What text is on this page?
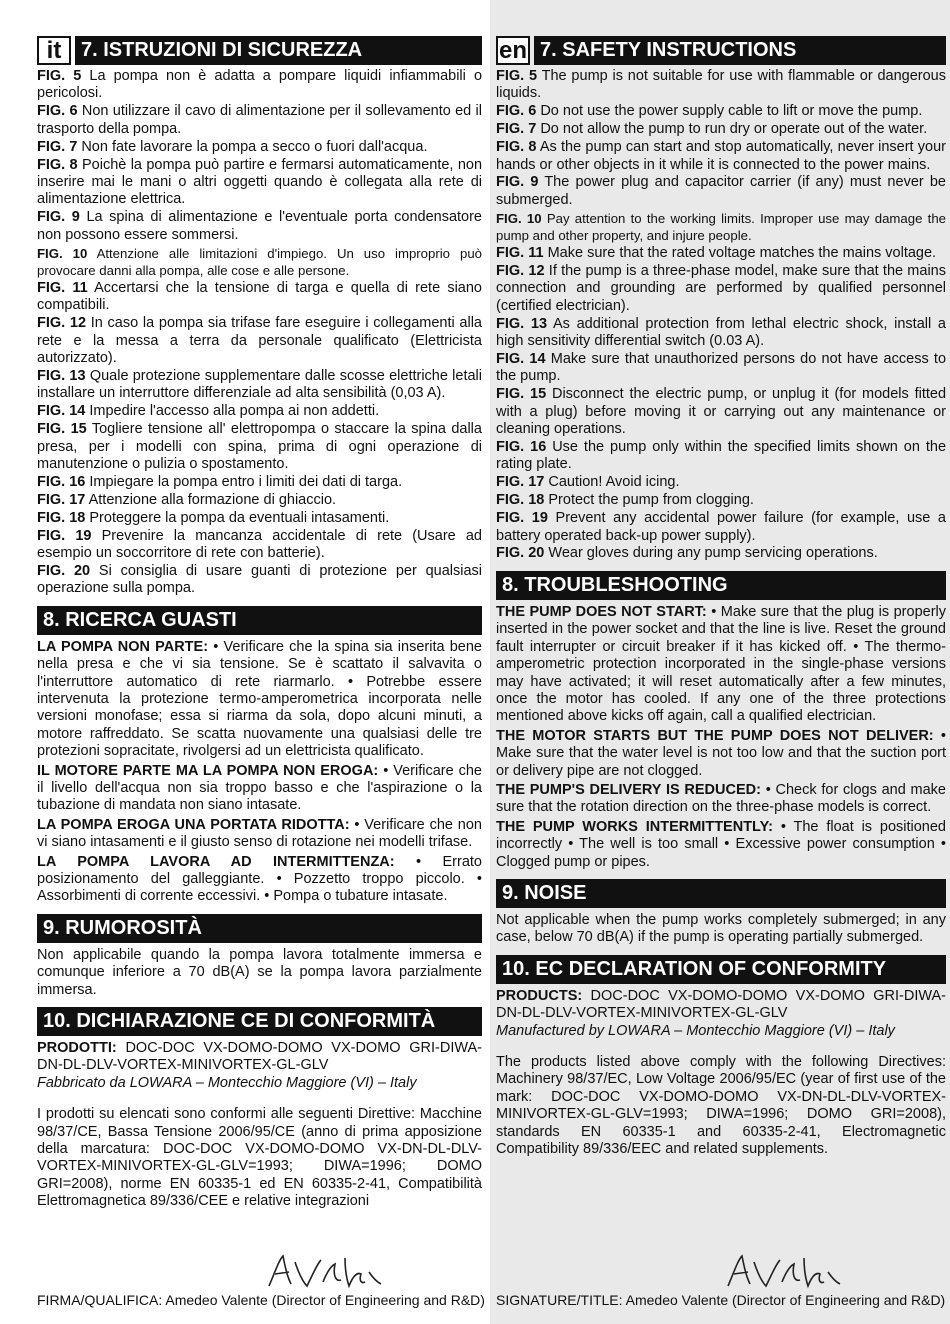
it 7. ISTRUZIONI DI SICUREZZA

FIG. 5 La pompa non è adatta a pompare liquidi infiammabili o pericolosi.

FIG. 6 Non utilizzare il cavo di alimentazione per il sollevamento ed il trasporto della pompa.

FIG. 7 Non fate lavorare la pompa a secco o fuori dall'acqua.

FIG. 8 Poichè la pompa può partire e fermarsi automaticamente, non inserire mai le mani o altri oggetti quando è collegata alla rete di alimentazione elettrica.

FIG. 9 La spina di alimentazione e l'eventuale porta condensatore non possono essere sommersi.

FIG. 10 Attenzione alle limitazioni d'impiego. Un uso improprio può provocare danni alla pompa, alle cose e alle persone.

FIG. 11 Accertarsi che la tensione di targa e quella di rete siano compatibili.

FIG. 12 In caso la pompa sia trifase fare eseguire i collegamenti alla rete e la messa a terra da personale qualificato (Elettricista autorizzato).

FIG. 13 Quale protezione supplementare dalle scosse elettriche letali installare un interruttore differenziale ad alta sensibilità (0,03 A).

FIG. 14 Impedire l'accesso alla pompa ai non addetti.

FIG. 15 Togliere tensione all' elettropompa o staccare la spina dalla presa, per i modelli con spina, prima di ogni operazione di manutenzione o pulizia o spostamento.

FIG. 16 Impiegare la pompa entro i limiti dei dati di targa.

FIG. 17 Attenzione alla formazione di ghiaccio.

FIG. 18 Proteggere la pompa da eventuali intasamenti.

FIG. 19 Prevenire la mancanza accidentale di rete (Usare ad esempio un soccorritore di rete con batterie).

FIG. 20 Si consiglia di usare guanti di protezione per qualsiasi operazione sulla pompa.

8. RICERCA GUASTI

LA POMPA NON PARTE: • Verificare che la spina sia inserita bene nella presa e che vi sia tensione. Se è scattato il salvavita o l'interruttore automatico di rete riarmarlo. • Potrebbe essere intervenuta la protezione termo-amperometrica incorporata nelle versioni monofase; essa si riarma da sola, dopo alcuni minuti, a motore raffreddato. Se scatta nuovamente una qualsiasi delle tre protezioni sopracitate, rivolgersi ad un elettricista qualificato.

IL MOTORE PARTE MA LA POMPA NON EROGA: • Verificare che il livello dell'acqua non sia troppo basso e che l'aspirazione o la tubazione di mandata non siano intasate.

LA POMPA EROGA UNA PORTATA RIDOTTA: • Verificare che non vi siano intasamenti e il giusto senso di rotazione nei modelli trifase.

LA POMPA LAVORA AD INTERMITTENZA: • Errato posizionamento del galleggiante. • Pozzetto troppo piccolo. • Assorbimenti di corrente eccessivi. • Pompa o tubature intasate.

9. RUMOROSITÀ

Non applicabile quando la pompa lavora totalmente immersa e comunque inferiore a 70 dB(A) se la pompa lavora parzialmente immersa.

10. DICHIARAZIONE CE DI CONFORMITÀ

PRODOTTI: DOC-DOC VX-DOMO-DOMO VX-DOMO GRI-DIWA-DN-DL-DLV-VORTEX-MINIVORTEX-GL-GLV
Fabbricato da LOWARA – Montecchio Maggiore (VI) – Italy

I prodotti su elencati sono conformi alle seguenti Direttive: Macchine 98/37/CE, Bassa Tensione 2006/95/CE (anno di prima apposizione della marcatura: DOC-DOC VX-DOMO-DOMO VX-DN-DL-DLV-VORTEX-MINIVORTEX-GL-GLV=1993; DIWA=1996; DOMO GRI=2008), norme EN 60335-1 ed EN 60335-2-41, Compatibilità Elettromagnetica 89/336/CEE e relative integrazioni

FIRMA/QUALIFICA: Amedeo Valente (Director of Engineering and R&D)
en 7. SAFETY INSTRUCTIONS

FIG. 5 The pump is not suitable for use with flammable or dangerous liquids.

FIG. 6 Do not use the power supply cable to lift or move the pump.

FIG. 7 Do not allow the pump to run dry or operate out of the water.

FIG. 8 As the pump can start and stop automatically, never insert your hands or other objects in it while it is connected to the power mains.

FIG. 9 The power plug and capacitor carrier (if any) must never be submerged.

FIG. 10 Pay attention to the working limits. Improper use may damage the pump and other property, and injure people.

FIG. 11 Make sure that the rated voltage matches the mains voltage.

FIG. 12 If the pump is a three-phase model, make sure that the mains connection and grounding are performed by qualified personnel (certified electrician).

FIG. 13 As additional protection from lethal electric shock, install a high sensitivity differential switch (0.03 A).

FIG. 14 Make sure that unauthorized persons do not have access to the pump.

FIG. 15 Disconnect the electric pump, or unplug it (for models fitted with a plug) before moving it or carrying out any maintenance or cleaning operations.

FIG. 16 Use the pump only within the specified limits shown on the rating plate.

FIG. 17 Caution! Avoid icing.

FIG. 18 Protect the pump from clogging.

FIG. 19 Prevent any accidental power failure (for example, use a battery operated back-up power supply).

FIG. 20 Wear gloves during any pump servicing operations.

8. TROUBLESHOOTING

THE PUMP DOES NOT START: • Make sure that the plug is properly inserted in the power socket and that the line is live. Reset the ground fault interrupter or circuit breaker if it has kicked off. • The thermo-amperometric protection incorporated in the single-phase versions may have activated; it will reset automatically after a few minutes, once the motor has cooled. If any one of the three protections mentioned above kicks off again, call a qualified electrician.

THE MOTOR STARTS BUT THE PUMP DOES NOT DELIVER: • Make sure that the water level is not too low and that the suction port or delivery pipe are not clogged.

THE PUMP'S DELIVERY IS REDUCED: • Check for clogs and make sure that the rotation direction on the three-phase models is correct.

THE PUMP WORKS INTERMITTENTLY: • The float is positioned incorrectly • The well is too small • Excessive power consumption • Clogged pump or pipes.

9. NOISE

Not applicable when the pump works completely submerged; in any case, below 70 dB(A) if the pump is operating partially submerged.

10. EC DECLARATION OF CONFORMITY

PRODUCTS: DOC-DOC VX-DOMO-DOMO VX-DOMO GRI-DIWA-DN-DL-DLV-VORTEX-MINIVORTEX-GL-GLV
Manufactured by LOWARA – Montecchio Maggiore (VI) – Italy

The products listed above comply with the following Directives: Machinery 98/37/EC, Low Voltage 2006/95/EC (year of first use of the mark: DOC-DOC VX-DOMO-DOMO VX-DN-DL-DLV-VORTEX-MINIVORTEX-GL-GLV=1993; DIWA=1996; DOMO GRI=2008), standards EN 60335-1 and 60335-2-41, Electromagnetic Compatibility 89/336/EEC and related supplements.

SIGNATURE/TITLE: Amedeo Valente (Director of Engineering and R&D)
